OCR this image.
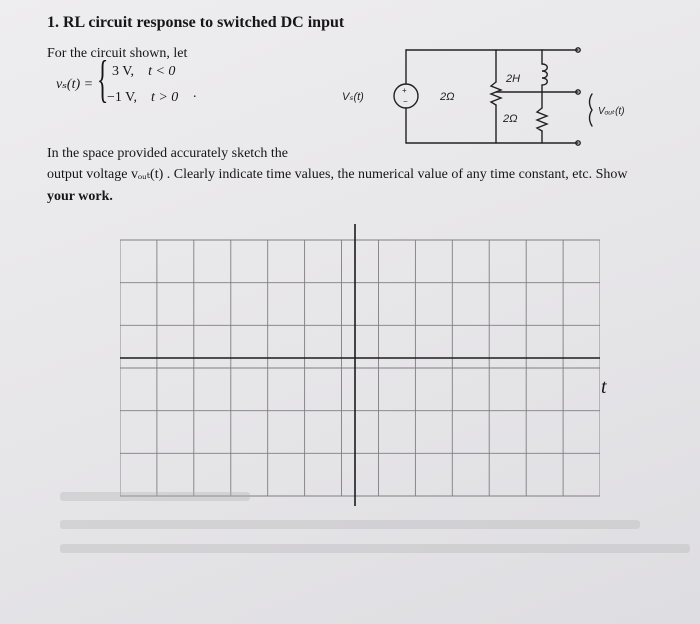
1. RL circuit response to switched DC input
For the circuit shown, let
vₛ(t) = { 3 V, t < 0
−1 V, t > 0 .	+
−
Vₛ(t)	2Ω
2H
2Ω
Vₒᵤₜ(t)
In the space provided accurately sketch the
output voltage vₒᵤₜ(t) . Clearly indicate time values, the numerical value of any time constant, etc. Show
your work.
t
